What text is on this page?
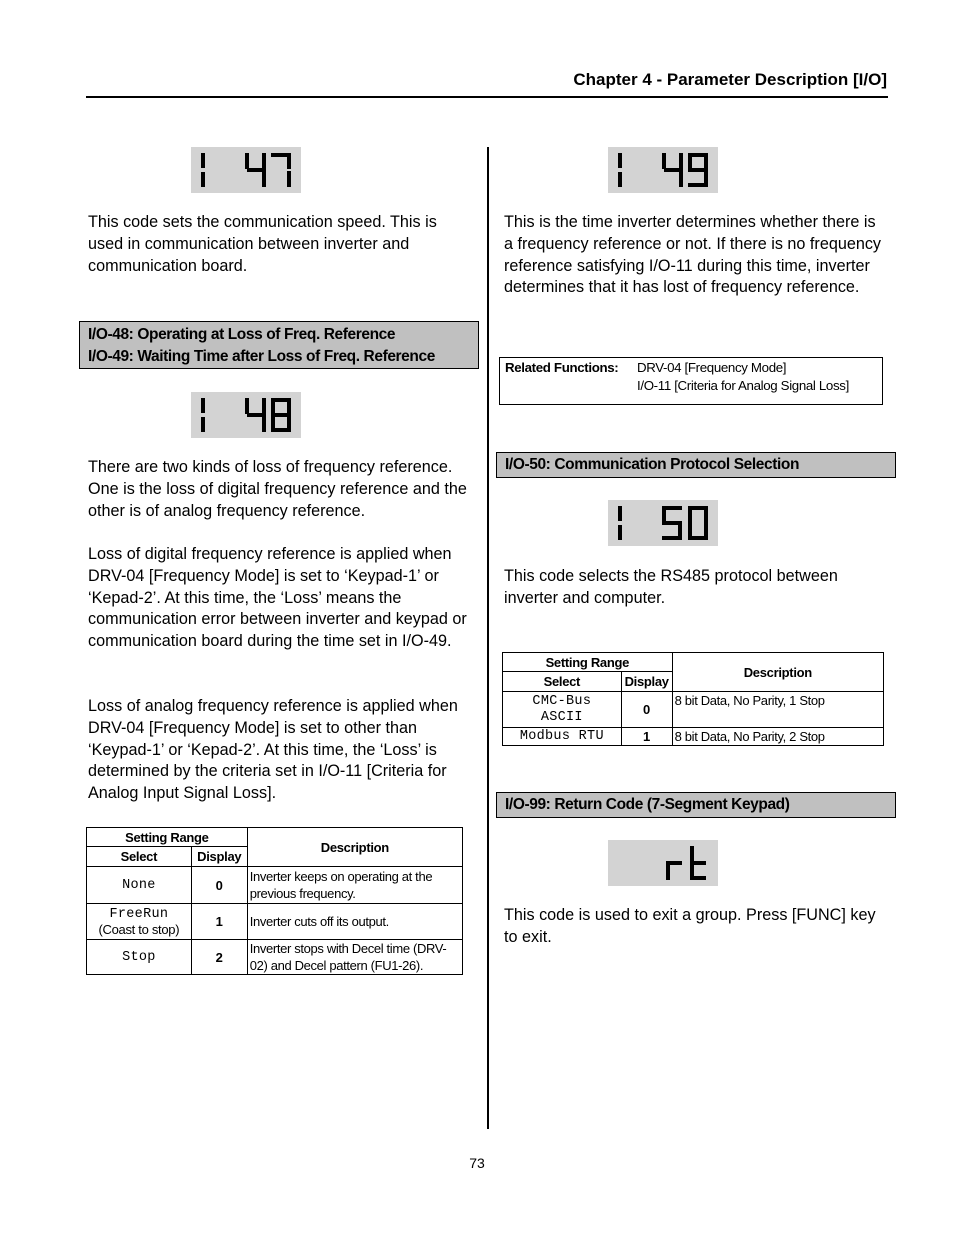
Chapter 4 - Parameter Description [I/O]

This code sets the communication speed. This is used in communication between inverter and communication board.

I/O-48: Operating at Loss of Freq. Reference
I/O-49: Waiting Time after Loss of Freq. Reference

There are two kinds of loss of frequency reference. One is the loss of digital frequency reference and the other is of analog frequency reference.

Loss of digital frequency reference is applied when DRV-04 [Frequency Mode] is set to ‘Keypad-1’ or ‘Kepad-2’. At this time, the ‘Loss’ means the communication error between inverter and keypad or communication board during the time set in I/O-49.

Loss of analog frequency reference is applied when DRV-04 [Frequency Mode] is set to other than ‘Keypad-1’ or ‘Kepad-2’. At this time, the ‘Loss’ is determined by the criteria set in I/O-11 [Criteria for Analog Input Signal Loss].

Setting Range		Description
Select	Display	
None	0	Inverter keeps on operating at the previous frequency.

FreeRun
(Coast to stop)	1	Inverter cuts off its output.
Stop	2	Inverter stops with Decel time (DRV-02) and Decel pattern (FU1-26).

This is the time inverter determines whether there is a frequency reference or not. If there is no frequency reference satisfying I/O-11 during this time, inverter determines that it has lost of frequency reference.

Related Functions: DRV-04 [Frequency Mode]
I/O-11 [Criteria for Analog Signal Loss]
I/O-50: Communication Protocol Selection

This code selects the RS485 protocol between inverter and computer.

Setting Range		Description
Select	Display	

CMC-Bus
ASCII	0	8 bit Data, No Parity, 1 Stop
Modbus RTU	1	8 bit Data, No Parity, 2 Stop
I/O-99: Return Code (7-Segment Keypad)

This code is used to exit a group. Press [FUNC] key to exit.

73
